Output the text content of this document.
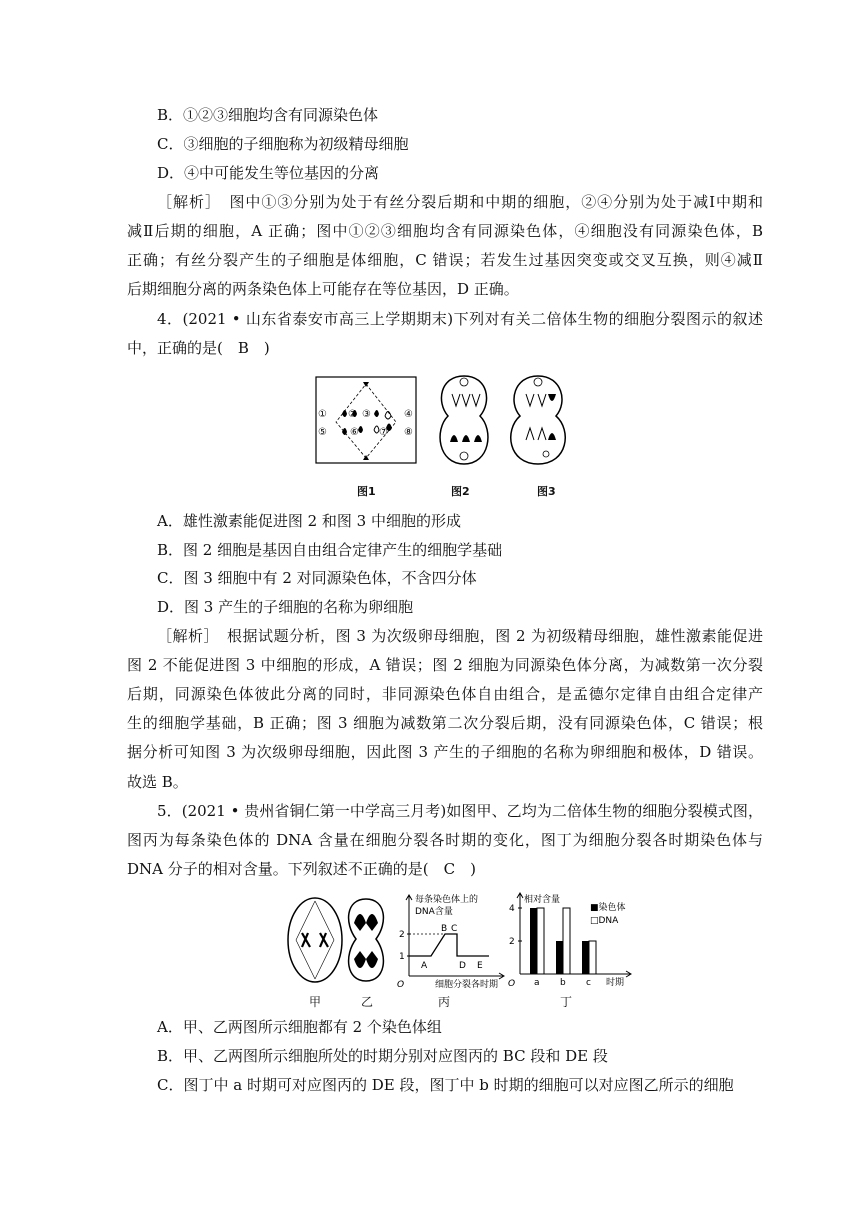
B．①②③细胞均含有同源染色体
C．③细胞的子细胞称为初级精母细胞
D．④中可能发生等位基因的分离
［解析］　图中①③分别为处于有丝分裂后期和中期的细胞，②④分别为处于减Ⅰ中期和
减Ⅱ后期的细胞，A 正确；图中①②③细胞均含有同源染色体，④细胞没有同源染色体，B
正确；有丝分裂产生的子细胞是体细胞，C 错误；若发生过基因突变或交叉互换，则④减Ⅱ
后期细胞分离的两条染色体上可能存在等位基因，D 正确。
4．(2021 • 山东省泰安市高三上学期期末)下列对有关二倍体生物的细胞分裂图示的叙述
中，正确的是(　B　)
① ② ③	④
⑤ ⑥ ⑦ ⑧
图1	图2	图3
A．雄性激素能促进图 2 和图 3 中细胞的形成
B．图 2 细胞是基因自由组合定律产生的细胞学基础
C．图 3 细胞中有 2 对同源染色体，不含四分体
D．图 3 产生的子细胞的名称为卵细胞
［解析］　根据试题分析，图 3 为次级卵母细胞，图 2 为初级精母细胞，雄性激素能促进
图 2 不能促进图 3 中细胞的形成，A 错误；图 2 细胞为同源染色体分离，为减数第一次分裂
后期，同源染色体彼此分离的同时，非同源染色体自由组合，是孟德尔定律自由组合定律产
生的细胞学基础，B 正确；图 3 细胞为减数第二次分裂后期，没有同源染色体，C 错误；根
据分析可知图 3 为次级卵母细胞，因此图 3 产生的子细胞的名称为卵细胞和极体，D 错误。
故选 B。
5．(2021 • 贵州省铜仁第一中学高三月考)如图甲、乙均为二倍体生物的细胞分裂模式图，
图丙为每条染色体的 DNA 含量在细胞分裂各时期的变化，图丁为细胞分裂各时期染色体与
DNA 分子的相对含量。下列叙述不正确的是(　C　)
甲	乙
每条染色体上的
DNA含量
O	细胞分裂各时期
1
2
A
B C
D E
丙
相对含量
O	时期
■染色体
□DNA
2
4
a b c
丁
A．甲、乙两图所示细胞都有 2 个染色体组
B．甲、乙两图所示细胞所处的时期分别对应图丙的 BC 段和 DE 段
C．图丁中 a 时期可对应图丙的 DE 段，图丁中 b 时期的细胞可以对应图乙所示的细胞
